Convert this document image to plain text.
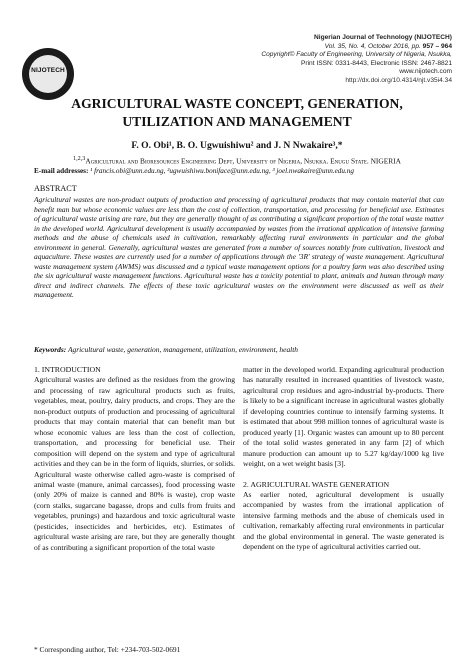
NIJOTECH
Nigerian Journal of Technology (NIJOTECH)
Vol. 35, No. 4, October 2016, pp. 957 – 964
Copyright© Faculty of Engineering, University of Nigeria, Nsukka,
Print ISSN: 0331-8443, Electronic ISSN: 2467-8821
www.nijotech.com
http://dx.doi.org/10.4314/njt.v35i4.34
AGRICULTURAL WASTE CONCEPT, GENERATION, UTILIZATION AND MANAGEMENT
F. O. Obi¹, B. O. Ugwuishiwu² and J. N Nwakaire³,*
$^{1,2,3}$Agricultural and Bioresources Engineering Dept, University of Nigeria, Nsukka. Enugu State. NIGERIA
E-mail addresses: ¹ francis.obi@unn.edu.ng, ²ugwuishiwu.boniface@unn.edu.ng, ³ joel.nwakaire@unn.edu.ng
ABSTRACT
Agricultural wastes are non-product outputs of production and processing of agricultural products that may contain material that can benefit man but whose economic values are less than the cost of collection, transportation, and processing for beneficial use. Estimates of agricultural waste arising are rare, but they are generally thought of as contributing a significant proportion of the total waste matter in the developed world. Agricultural development is usually accompanied by wastes from the irrational application of intensive farming methods and the abuse of chemicals used in cultivation, remarkably affecting rural environments in particular and the global environment in general. Generally, agricultural wastes are generated from a number of sources notably from cultivation, livestock and aquaculture. These wastes are currently used for a number of applications through the '3R' strategy of waste management. Agricultural waste management system (AWMS) was discussed and a typical waste management options for a poultry farm was also described using the six agricultural waste management functions. Agricultural waste has a toxicity potential to plant, animals and human through many direct and indirect channels. The effects of these toxic agricultural wastes on the environment were discussed as well as their management.
Keywords: Agricultural waste, generation, management, utilization, environment, health
1. INTRODUCTION

Agricultural wastes are defined as the residues from the growing and processing of raw agricultural products such as fruits, vegetables, meat, poultry, dairy products, and crops. They are the non-product outputs of production and processing of agricultural products that may contain material that can benefit man but whose economic values are less than the cost of collection, transportation, and processing for beneficial use. Their composition will depend on the system and type of agricultural activities and they can be in the form of liquids, slurries, or solids. Agricultural waste otherwise called agro-waste is comprised of animal waste (manure, animal carcasses), food processing waste (only 20% of maize is canned and 80% is waste), crop waste (corn stalks, sugarcane bagasse, drops and culls from fruits and vegetables, prunings) and hazardous and toxic agricultural waste (pesticides, insecticides and herbicides, etc). Estimates of agricultural waste arising are rare, but they are generally thought of as contributing a significant proportion of the total waste

matter in the developed world. Expanding agricultural production has naturally resulted in increased quantities of livestock waste, agricultural crop residues and agro-industrial by-products. There is likely to be a significant increase in agricultural wastes globally if developing countries continue to intensify farming systems. It is estimated that about 998 million tonnes of agricultural waste is produced yearly [1]. Organic wastes can amount up to 80 percent of the total solid wastes generated in any farm [2] of which manure production can amount up to 5.27 kg/day/1000 kg live weight, on a wet weight basis [3].

2. AGRICULTURAL WASTE GENERATION

As earlier noted, agricultural development is usually accompanied by wastes from the irrational application of intensive farming methods and the abuse of chemicals used in cultivation, remarkably affecting rural environments in particular and the global environmental in general. The waste generated is dependent on the type of agricultural activities carried out.

* Corresponding author, Tel: +234-703-502-0691
